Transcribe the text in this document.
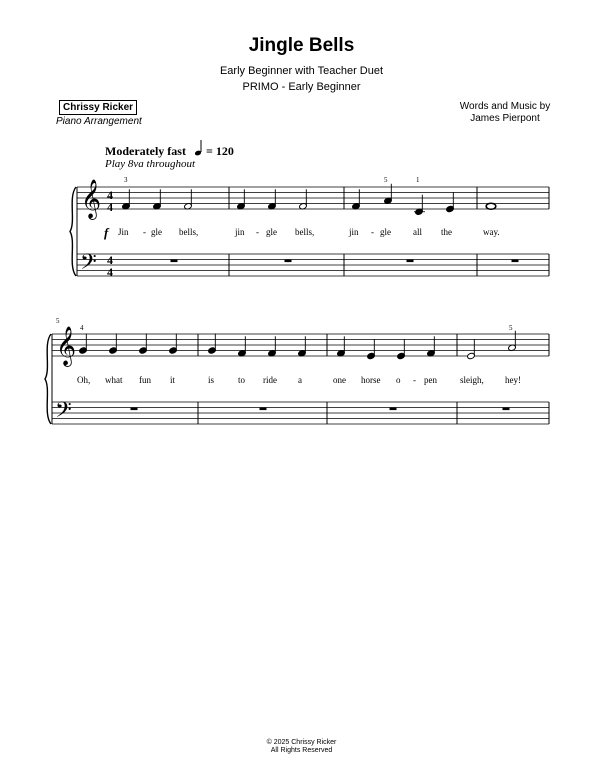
Jingle Bells
Early Beginner with Teacher Duet
PRIMO - Early Beginner
Chrissy Ricker
Piano Arrangement
Words and Music by
James Pierpont
Moderately fast = 120
Play 8va throughout
𝄞
𝄢
𝄞
𝄢
3	5	1
4	5
5
f
4
4
4
4
Jin - gle bells,	jin - gle bells,	jin - gle all the	way.
Oh, what fun it	is	to ride a	one horse o - pen	sleigh, hey!
© 2025 Chrissy Ricker
All Rights Reserved
